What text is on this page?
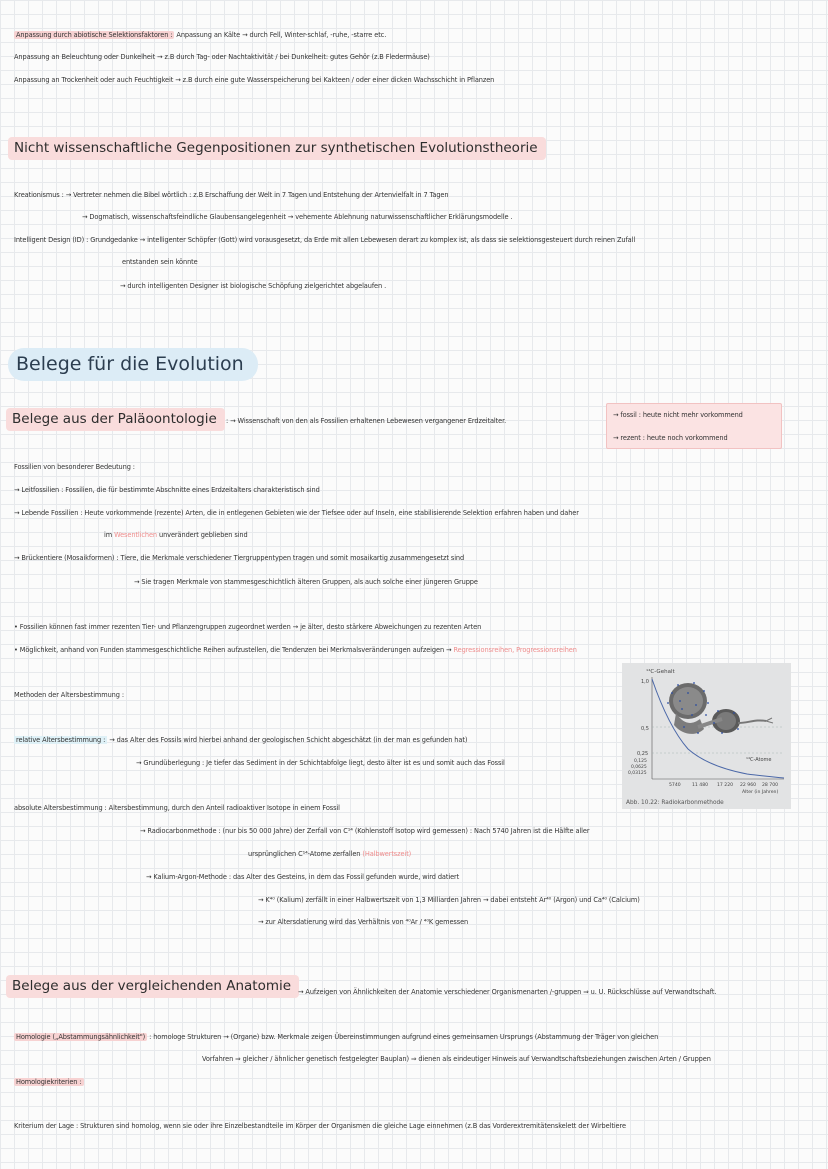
Anpassung durch abiotische Selektionsfaktoren : Anpassung an Kälte → durch Fell, Winter-schlaf, -ruhe, -starre etc.
Anpassung an Beleuchtung oder Dunkelheit → z.B durch Tag- oder Nachtaktivität / bei Dunkelheit: gutes Gehör (z.B Fledermäuse)
Anpassung an Trockenheit oder auch Feuchtigkeit → z.B durch eine gute Wasserspeicherung bei Kakteen / oder einer dicken Wachsschicht in Pflanzen
Nicht wissenschaftliche Gegenpositionen zur synthetischen Evolutionstheorie
Kreationismus : → Vertreter nehmen die Bibel wörtlich : z.B Erschaffung der Welt in 7 Tagen und Entstehung der Artenvielfalt in 7 Tagen
→ Dogmatisch, wissenschaftsfeindliche Glaubensangelegenheit → vehemente Ablehnung naturwissenschaftlicher Erklärungsmodelle .
Intelligent Design (ID) : Grundgedanke → intelligenter Schöpfer (Gott) wird vorausgesetzt, da Erde mit allen Lebewesen derart zu komplex ist, als dass sie selektionsgesteuert durch reinen Zufall
entstanden sein könnte
→ durch intelligenten Designer ist biologische Schöpfung zielgerichtet abgelaufen .
Belege für die Evolution
Belege aus der Paläoontologie	: → Wissenschaft von den als Fossilien erhaltenen Lebewesen vergangener Erdzeitalter.
→ fossil : heute nicht mehr vorkommend
→ rezent : heute noch vorkommend
Fossilien von besonderer Bedeutung :
→ Leitfossilien : Fossilien, die für bestimmte Abschnitte eines Erdzeitalters charakteristisch sind
→ Lebende Fossilien : Heute vorkommende (rezente) Arten, die in entlegenen Gebieten wie der Tiefsee oder auf Inseln, eine stabilisierende Selektion erfahren haben und daher
im Wesentlichen unverändert geblieben sind
→ Brückentiere (Mosaikformen) : Tiere, die Merkmale verschiedener Tiergruppentypen tragen und somit mosaikartig zusammengesetzt sind
→ Sie tragen Merkmale von stammesgeschichtlich älteren Gruppen, als auch solche einer jüngeren Gruppe
• Fossilien können fast immer rezenten Tier- und Pflanzengruppen zugeordnet werden → je älter, desto stärkere Abweichungen zu rezenten Arten
• Möglichkeit, anhand von Funden stammesgeschichtliche Reihen aufzustellen, die Tendenzen bei Merkmalsveränderungen aufzeigen → Regressionsreihen, Progressionsreihen
Methoden der Altersbestimmung :
relative Altersbestimmung : → das Alter des Fossils wird hierbei anhand der geologischen Schicht abgeschätzt (in der man es gefunden hat)
→ Grundüberlegung : Je tiefer das Sediment in der Schichtabfolge liegt, desto älter ist es und somit auch das Fossil
absolute Altersbestimmung : Altersbestimmung, durch den Anteil radioaktiver Isotope in einem Fossil
→ Radiocarbonmethode : (nur bis 50 000 Jahre) der Zerfall von C¹⁴ (Kohlenstoff Isotop wird gemessen) : Nach 5740 Jahren ist die Hälfte aller
ursprünglichen C¹⁴-Atome zerfallen (Halbwertszeit)
→ Kalium-Argon-Methode : das Alter des Gesteins, in dem das Fossil gefunden wurde, wird datiert
→ K⁴⁰ (Kalium) zerfällt in einer Halbwertszeit von 1,3 Milliarden Jahren → dabei entsteht Ar⁴⁰ (Argon) und Ca⁴⁰ (Calcium)
→ zur Altersdatierung wird das Verhältnis von ⁴⁰Ar / ⁴⁰K gemessen
¹⁴C-Gehalt
1,0
0,5
0,25
0,125
0,0625
0,03125
¹⁴C-Atome
5740 11 480 17 220 22 960 28 700
Alter (in Jahren)
Abb. 10.22: Radiokarbonmethode
Belege aus der vergleichenden Anatomie	→ Aufzeigen von Ähnlichkeiten der Anatomie verschiedener Organismenarten /-gruppen ⇒ u. U. Rückschlüsse auf Verwandtschaft.
Homologie („Abstammungsähnlichkeit") : homologe Strukturen → (Organe) bzw. Merkmale zeigen Übereinstimmungen aufgrund eines gemeinsamen Ursprungs (Abstammung der Träger von gleichen
Vorfahren ⇒ gleicher / ähnlicher genetisch festgelegter Bauplan) ⇒ dienen als eindeutiger Hinweis auf Verwandtschaftsbeziehungen zwischen Arten / Gruppen
Homologiekriterien :
Kriterium der Lage : Strukturen sind homolog, wenn sie oder ihre Einzelbestandteile im Körper der Organismen die gleiche Lage einnehmen (z.B das Vorderextremitätenskelett der Wirbeltiere
